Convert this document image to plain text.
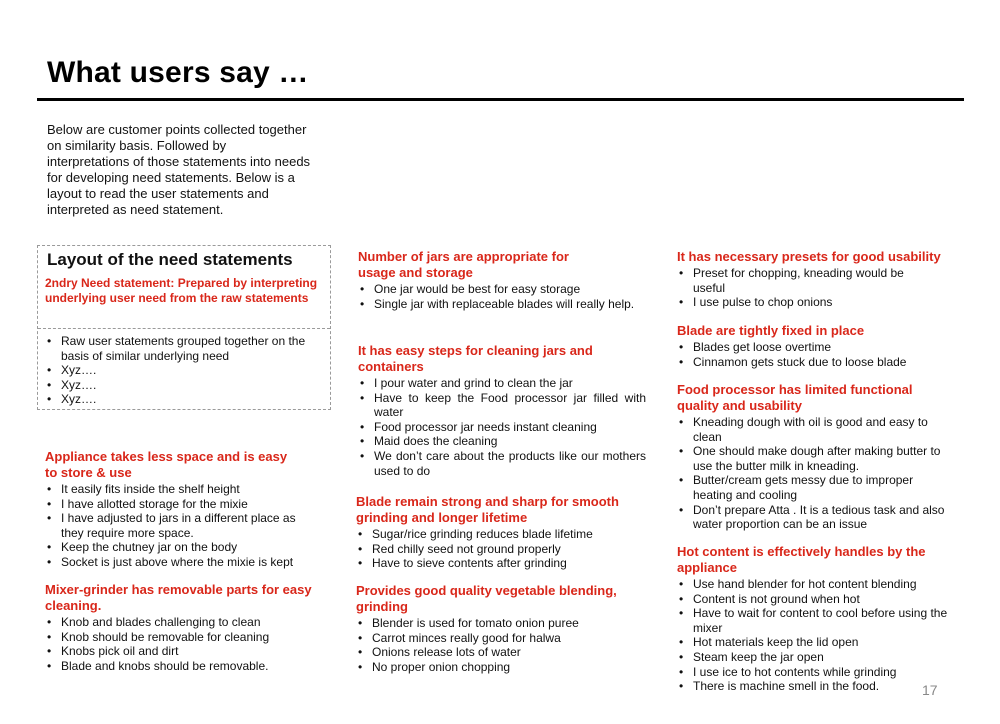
What users say …
Below are customer points collected together on similarity basis. Followed by interpretations of those statements into needs for developing need statements. Below is a layout to read the user statements and interpreted as need statement.
Layout of the need statements
2ndry Need statement: Prepared by interpreting underlying user need from the raw statements
• Raw user statements grouped together on the basis of similar underlying need
• Xyz….
• Xyz….
• Xyz….
Appliance takes less space and is easy to store & use
• It easily fits inside the shelf height
• I have allotted storage for the mixie
• I have adjusted to jars in a different place as they require more space.
• Keep the chutney jar on the body
• Socket is just above where the mixie is kept
Mixer-grinder has removable parts for easy cleaning.
• Knob and blades challenging to clean
• Knob should be removable for cleaning
• Knobs pick oil and dirt
• Blade and knobs should be removable.
Number of jars are appropriate for usage and storage
• One jar would be best for easy storage
• Single jar with replaceable blades will really help.
It has easy steps for cleaning jars and containers
• I pour water and grind to clean the jar
• Have to keep the Food processor jar filled with water
• Food processor jar needs instant cleaning
• Maid does the cleaning
• We don’t care about the products like our mothers used to do
Blade remain strong and sharp for smooth grinding and longer lifetime
• Sugar/rice grinding reduces blade lifetime
• Red chilly seed not ground properly
• Have to sieve contents after grinding
Provides good quality vegetable blending, grinding
• Blender is used for tomato onion puree
• Carrot minces really good for halwa
• Onions release lots of water
• No proper onion chopping
It has necessary presets for good usability
• Preset for chopping, kneading would be useful
• I use pulse to chop onions
Blade are tightly fixed in place
• Blades get loose overtime
• Cinnamon gets stuck due to loose blade
Food processor has limited functional quality and usability
• Kneading dough with oil is good and easy to clean
• One should make dough after making butter to use the butter milk in kneading.
• Butter/cream gets messy due to improper heating and cooling
• Don’t prepare Atta . It is a tedious task and also water proportion can be an issue
Hot content is effectively handles by the appliance
• Use hand blender for hot content blending
• Content is not ground when hot
• Have to wait for content to cool before using the mixer
• Hot materials keep the lid open
• Steam keep the jar open
• I use ice to hot contents while grinding
• There is machine smell in the food.	17
